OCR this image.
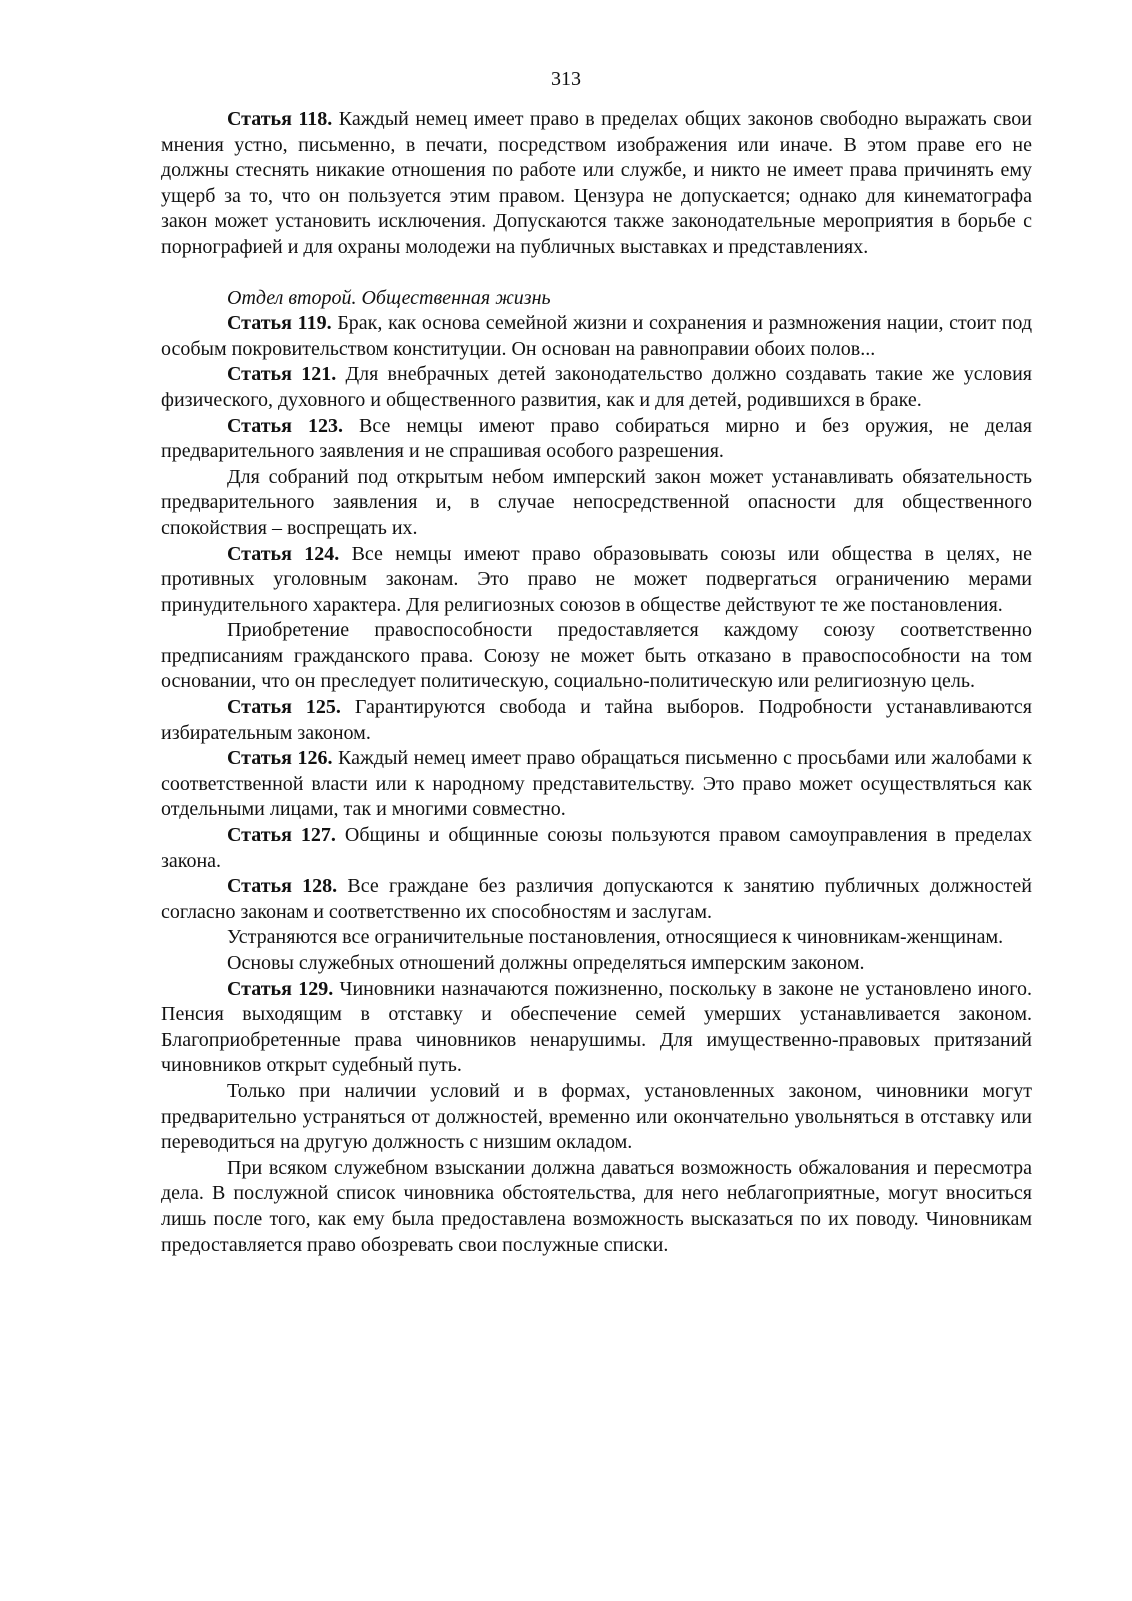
313

Статья 118. Каждый немец имеет право в пределах общих законов свободно выражать свои мнения устно, письменно, в печати, посредством изображения или иначе. В этом праве его не должны стеснять никакие отношения по работе или службе, и никто не имеет права причинять ему ущерб за то, что он пользуется этим правом. Цензура не допускается; однако для кинематографа закон может установить исключения. Допускаются также законодательные мероприятия в борьбе с порнографией и для охраны молодежи на публичных выставках и представлениях.

Отдел второй. Общественная жизнь

Статья 119. Брак, как основа семейной жизни и сохранения и размножения нации, стоит под особым покровительством конституции. Он основан на равноправии обоих полов...

Статья 121. Для внебрачных детей законодательство должно создавать такие же условия физического, духовного и общественного развития, как и для детей, родившихся в браке.

Статья 123. Все немцы имеют право собираться мирно и без оружия, не делая предварительного заявления и не спрашивая особого разрешения.

Для собраний под открытым небом имперский закон может устанавливать обязательность предварительного заявления и, в случае непосредственной опасности для общественного спокойствия – воспрещать их.

Статья 124. Все немцы имеют право образовывать союзы или общества в целях, не противных уголовным законам. Это право не может подвергаться ограничению мерами принудительного характера. Для религиозных союзов в обществе действуют те же постановления.

Приобретение правоспособности предоставляется каждому союзу соответственно предписаниям гражданского права. Союзу не может быть отказано в правоспособности на том основании, что он преследует политическую, социально-политическую или религиозную цель.

Статья 125. Гарантируются свобода и тайна выборов. Подробности устанавливаются избирательным законом.

Статья 126. Каждый немец имеет право обращаться письменно с просьбами или жалобами к соответственной власти или к народному представительству. Это право может осуществляться как отдельными лицами, так и многими совместно.

Статья 127. Общины и общинные союзы пользуются правом самоуправления в пределах закона.

Статья 128. Все граждане без различия допускаются к занятию публичных должностей согласно законам и соответственно их способностям и заслугам.

Устраняются все ограничительные постановления, относящиеся к чиновникам-женщинам.

Основы служебных отношений должны определяться имперским законом.

Статья 129. Чиновники назначаются пожизненно, поскольку в законе не установлено иного. Пенсия выходящим в отставку и обеспечение семей умерших устанавливается законом. Благоприобретенные права чиновников ненарушимы. Для имущественно-правовых притязаний чиновников открыт судебный путь.

Только при наличии условий и в формах, установленных законом, чиновники могут предварительно устраняться от должностей, временно или окончательно увольняться в отставку или переводиться на другую должность с низшим окладом.

При всяком служебном взыскании должна даваться возможность обжалования и пересмотра дела. В послужной список чиновника обстоятельства, для него неблагоприятные, могут вноситься лишь после того, как ему была предоставлена возможность высказаться по их поводу. Чиновникам предоставляется право обозревать свои послужные списки.
